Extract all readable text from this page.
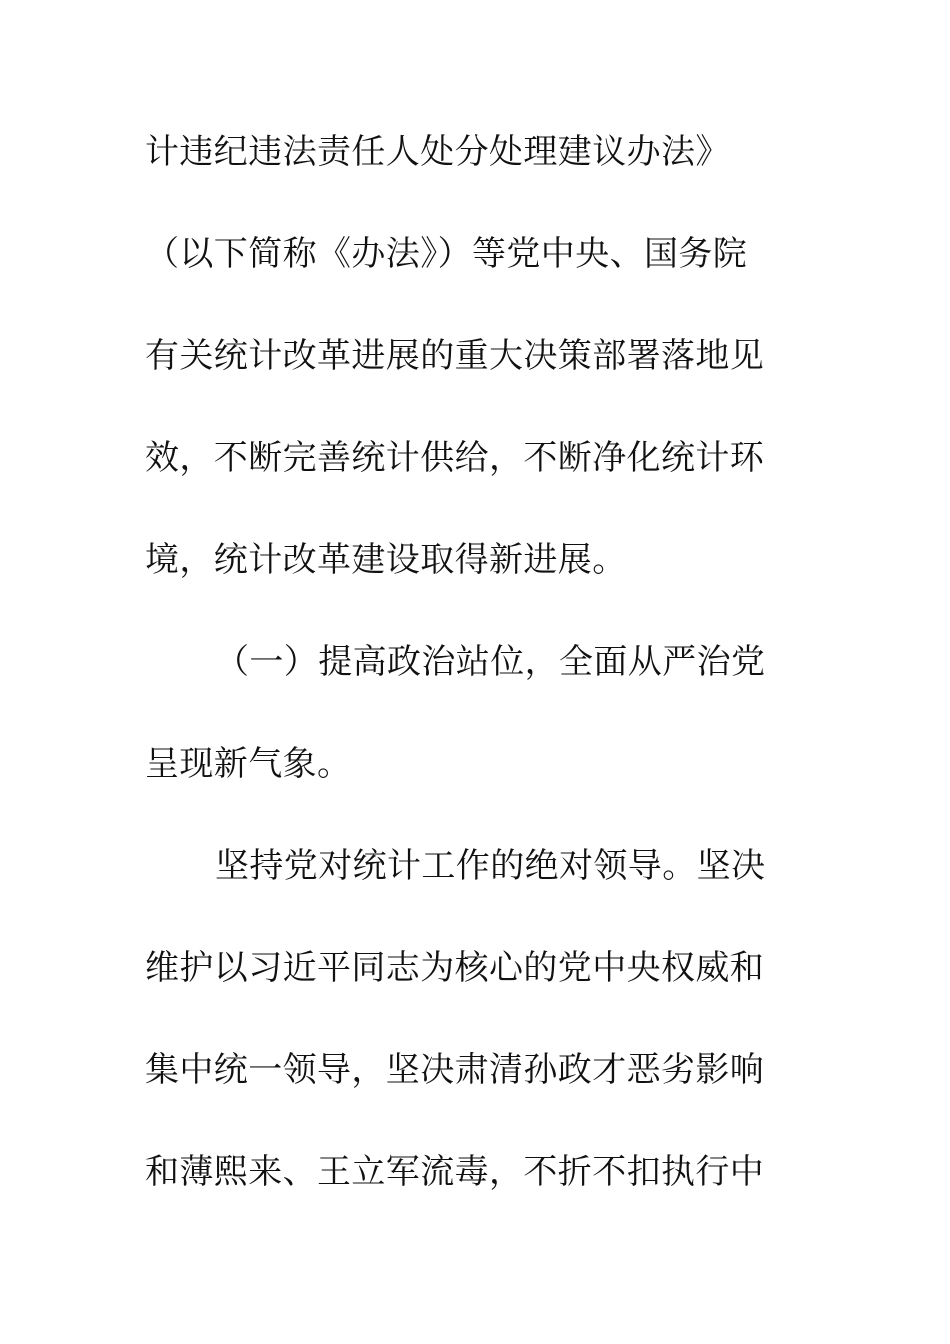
计违纪违法责任人处分处理建议办法》
（以下简称《办法》）等党中央、国务院
有关统计改革进展的重大决策部署落地见
效，不断完善统计供给，不断净化统计环
境，统计改革建设取得新进展。
（一）提高政治站位，全面从严治党
呈现新气象。
坚持党对统计工作的绝对领导。坚决
维护以习近平同志为核心的党中央权威和
集中统一领导，坚决肃清孙政才恶劣影响
和薄熙来、王立军流毒，不折不扣执行中
